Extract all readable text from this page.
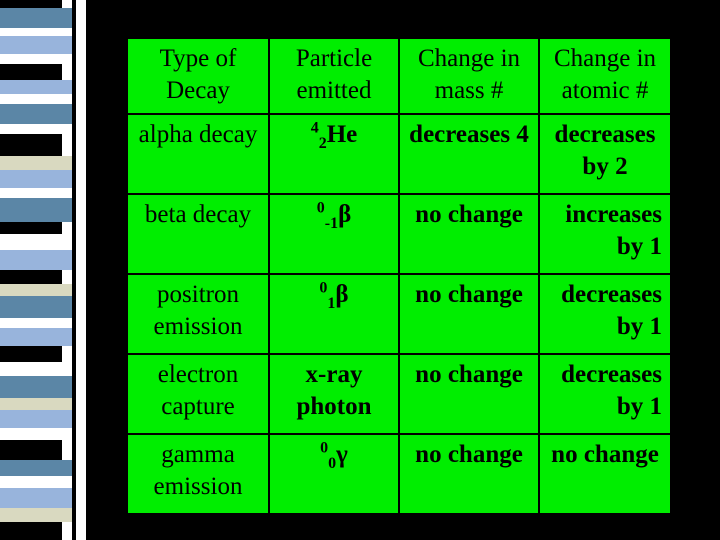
Type of Decay	Particle emitted	Change in mass #	Change in atomic #
alpha decay	$^4_2$He	decreases 4	decreases by 2
beta decay	$^0_{-1}$β	no change	increases by 1
positron emission	$^0_1$β	no change	decreases by 1
electron capture	x-ray photon	no change	decreases by 1
gamma emission	$^0_0$γ	no change	no change
